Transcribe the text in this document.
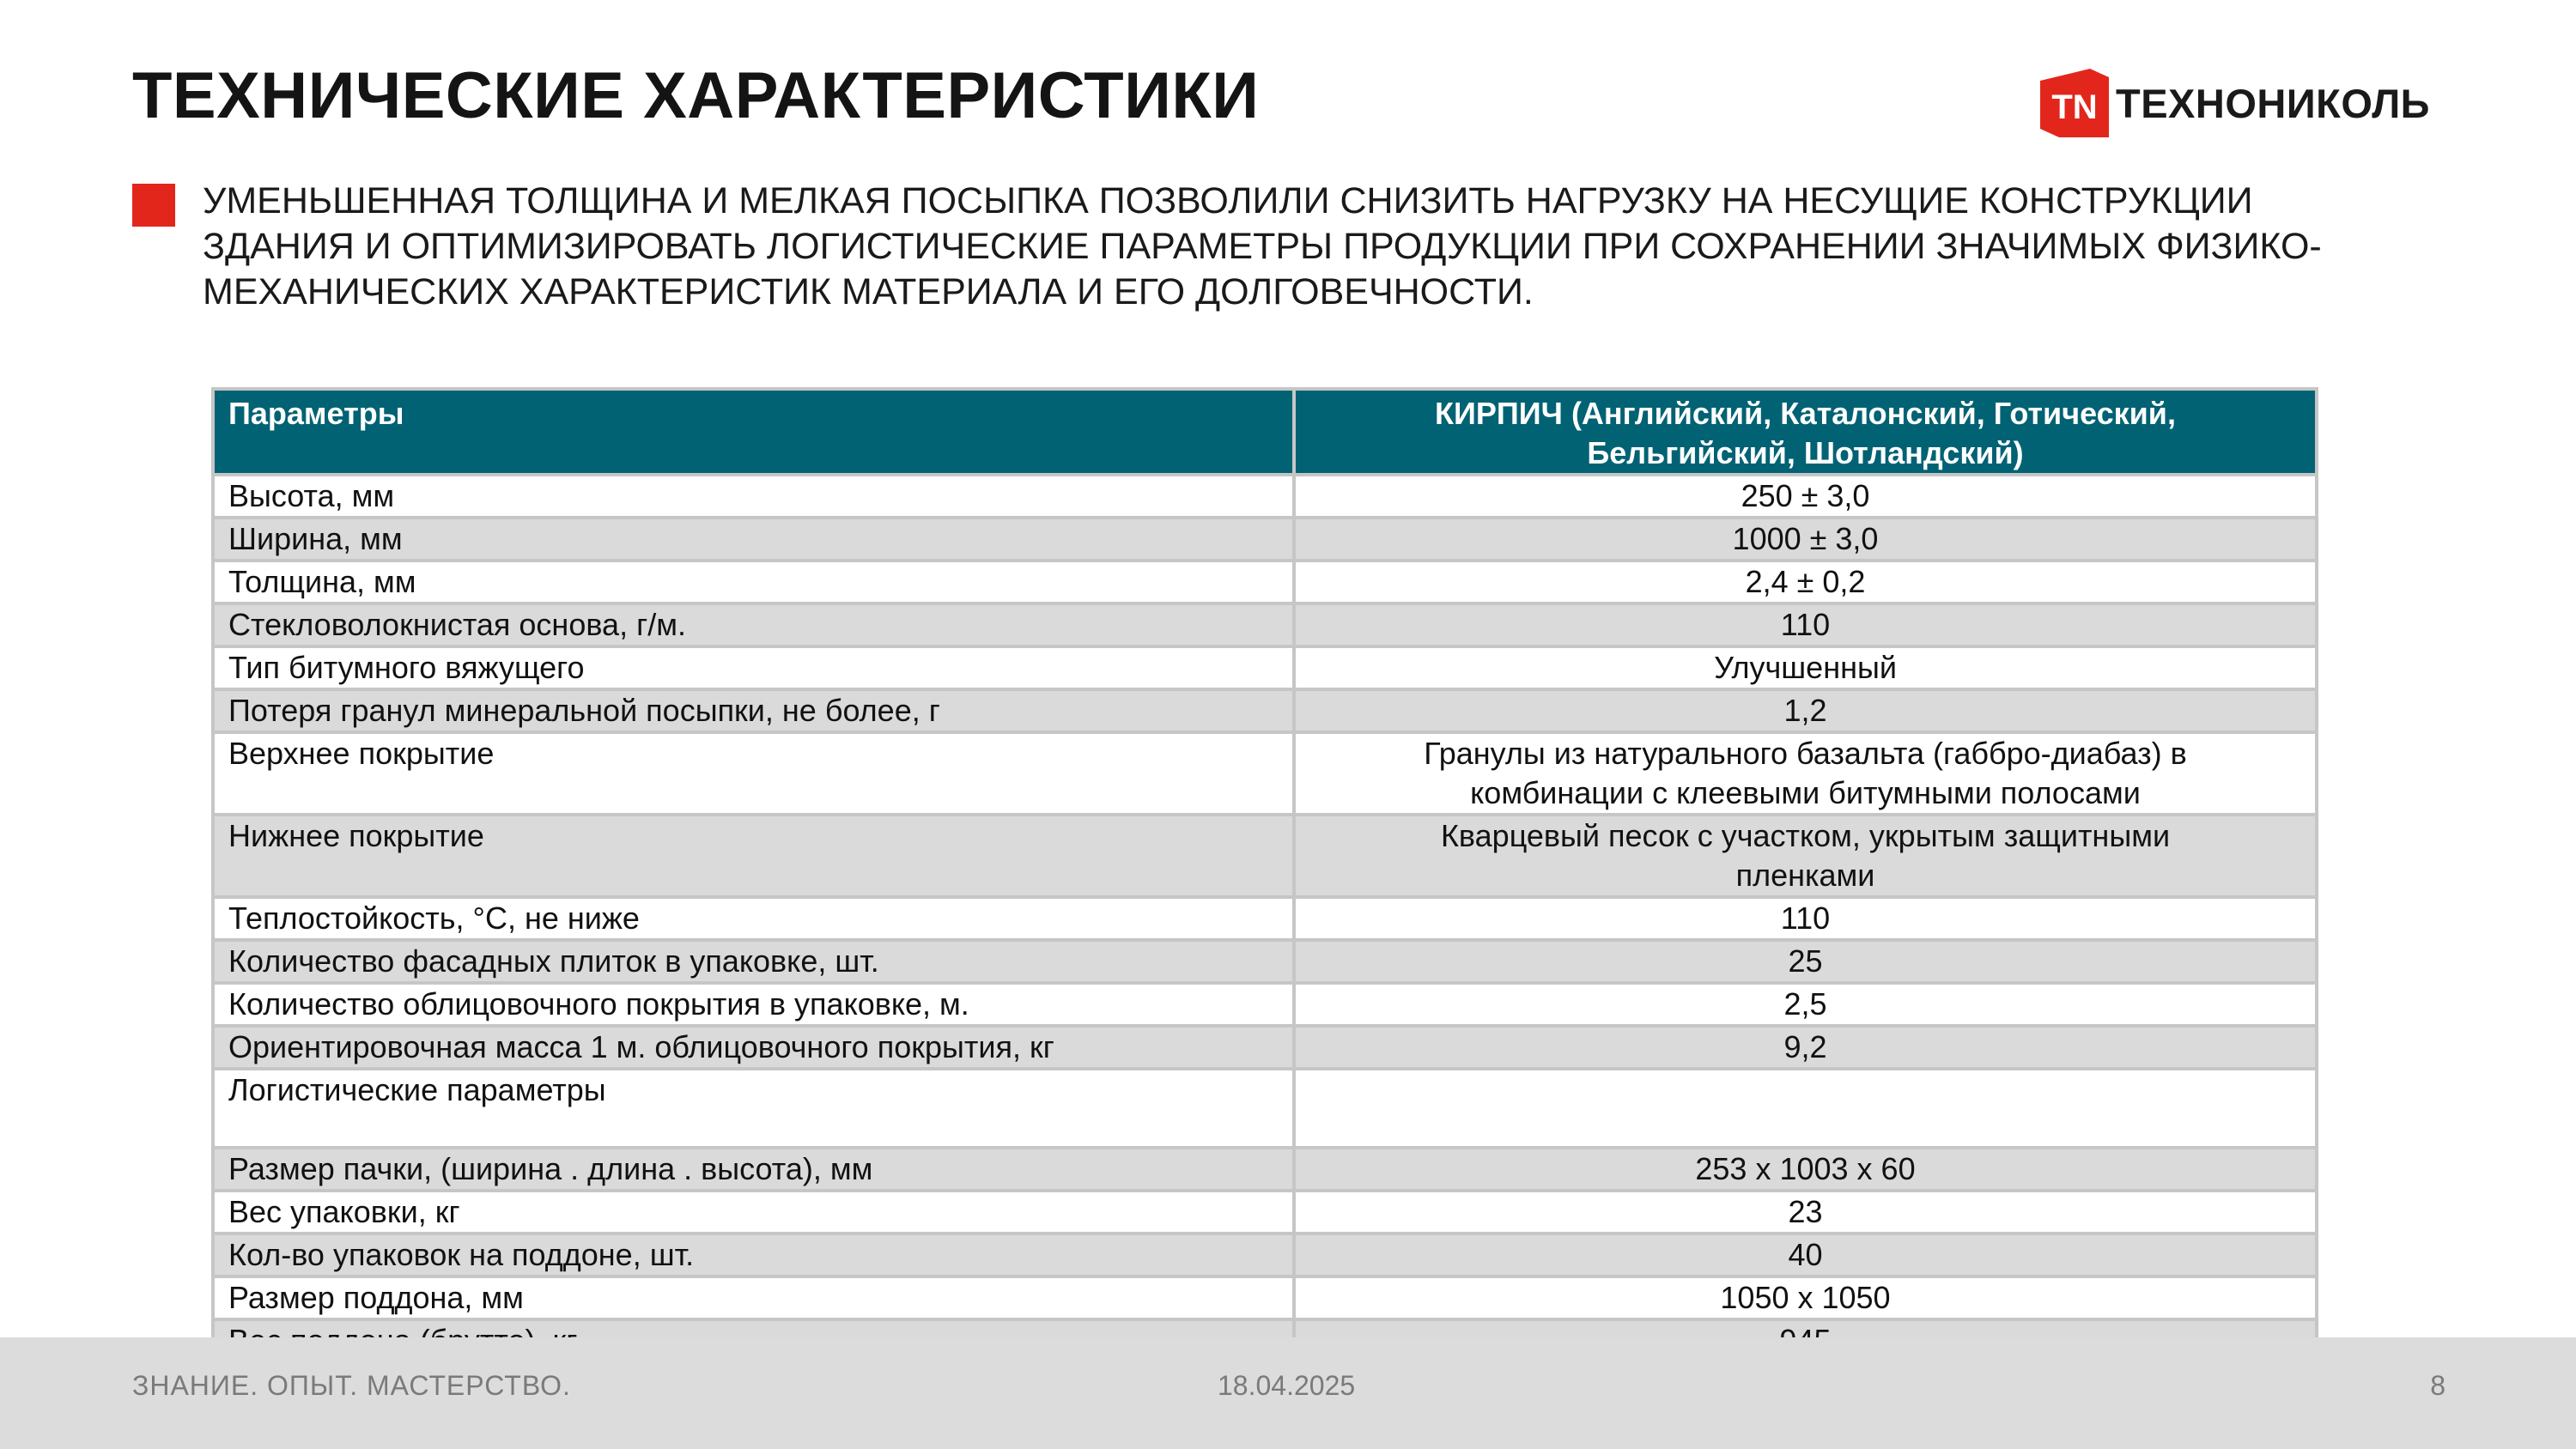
ТЕХНИЧЕСКИЕ ХАРАКТЕРИСТИКИ	TN ТЕХНОНИКОЛЬ
УМЕНЬШЕННАЯ ТОЛЩИНА И МЕЛКАЯ ПОСЫПКА ПОЗВОЛИЛИ СНИЗИТЬ НАГРУЗКУ НА НЕСУЩИЕ КОНСТРУКЦИИ ЗДАНИЯ И ОПТИМИЗИРОВАТЬ ЛОГИСТИЧЕСКИЕ ПАРАМЕТРЫ ПРОДУКЦИИ ПРИ СОХРАНЕНИИ ЗНАЧИМЫХ ФИЗИКО-МЕХАНИЧЕСКИХ ХАРАКТЕРИСТИК МАТЕРИАЛА И ЕГО ДОЛГОВЕЧНОСТИ.
Параметры	КИРПИЧ (Английский, Каталонский, Готический,
Бельгийский, Шотландский)
Высота, мм	250 ± 3,0
Ширина, мм	1000 ± 3,0
Толщина, мм	2,4 ± 0,2
Стекловолокнистая основа, г/м.	110
Тип битумного вяжущего	Улучшенный
Потеря гранул минеральной посыпки, не более, г	1,2
Верхнее покрытие	Гранулы из натурального базальта (габбро-диабаз) в
комбинации с клеевыми битумными полосами
Нижнее покрытие	Кварцевый песок с участком, укрытым защитными
пленками
Теплостойкость, °С, не ниже	110
Количество фасадных плиток в упаковке, шт.	25
Количество облицовочного покрытия в упаковке, м.	2,5
Ориентировочная масса 1 м. облицовочного покрытия, кг	9,2
Логистические параметры	
Размер пачки, (ширина . длина . высота), мм	253 x 1003 x 60
Вес упаковки, кг	23
Кол-во упаковок на поддоне, шт.	40
Размер поддона, мм	1050 x 1050

ЗНАНИЕ. ОПЫТ. МАСТЕРСТВО.	18.04.2025	8
